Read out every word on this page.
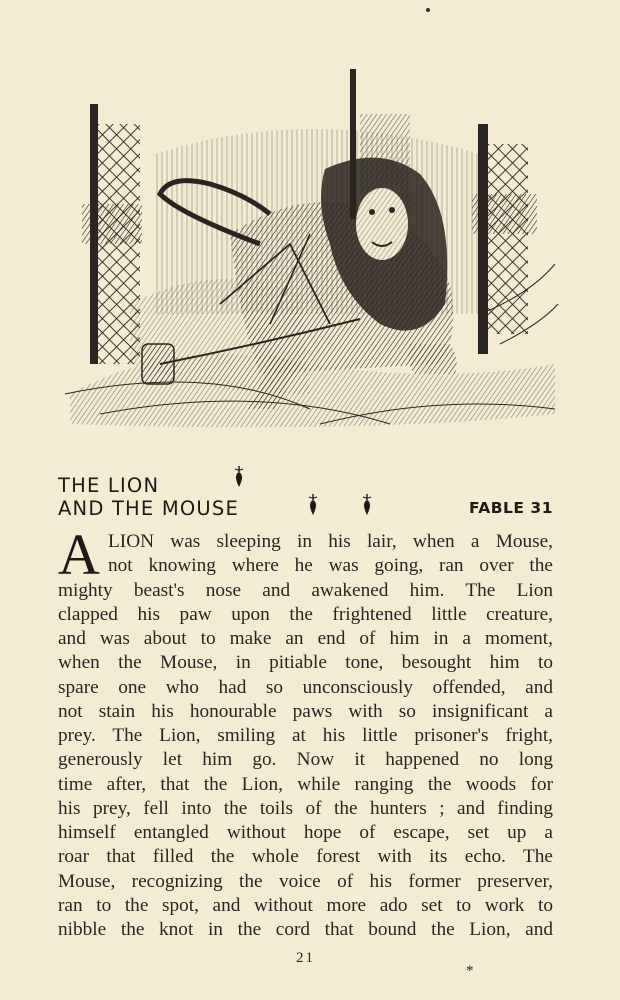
THE LION
AND THE MOUSE	FABLE 31
A LION was sleeping in his lair, when a Mouse,
not knowing where he was going, ran over the
mighty beast's nose and awakened him. The Lion
clapped his paw upon the frightened little creature,
and was about to make an end of him in a moment,
when the Mouse, in pitiable tone, besought him to
spare one who had so unconsciously offended, and
not stain his honourable paws with so insignificant a
prey. The Lion, smiling at his little prisoner's fright,
generously let him go. Now it happened no long
time after, that the Lion, while ranging the woods for
his prey, fell into the toils of the hunters ; and finding
himself entangled without hope of escape, set up a
roar that filled the whole forest with its echo. The
Mouse, recognizing the voice of his former preserver,
ran to the spot, and without more ado set to work to
nibble the knot in the cord that bound the Lion, and
21
*
